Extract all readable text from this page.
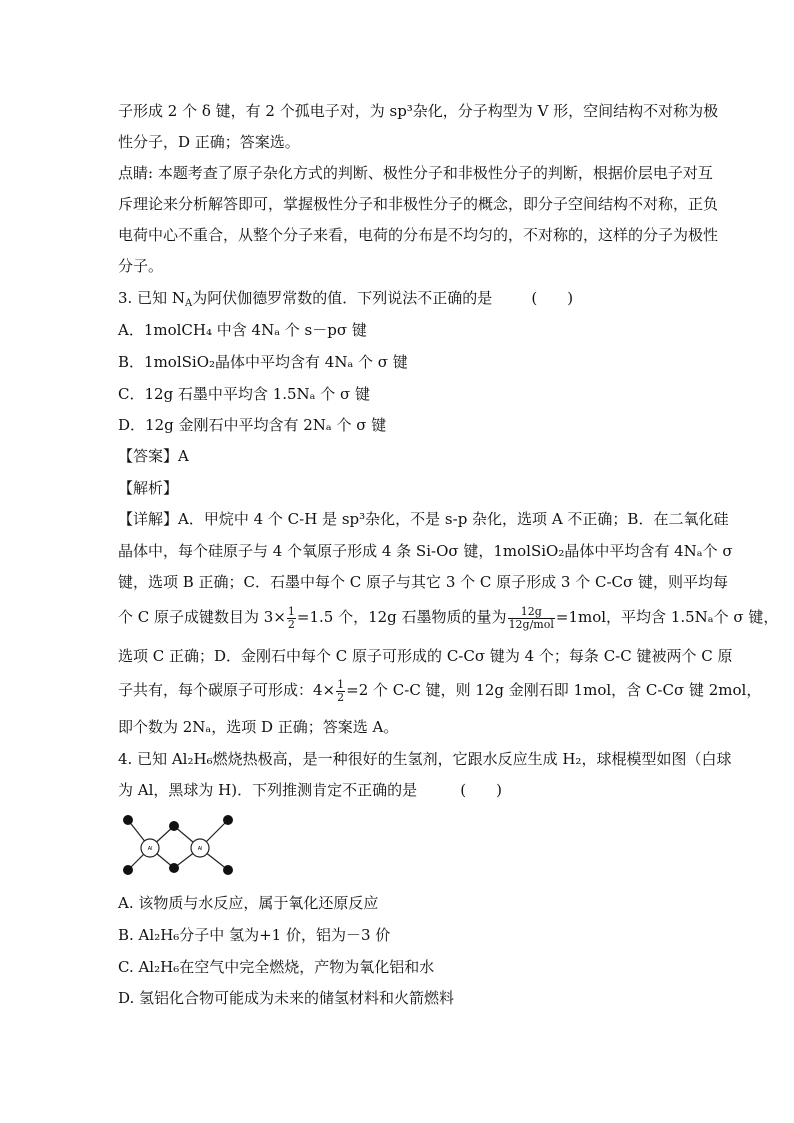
子形成 2 个 δ 键，有 2 个孤电子对，为 sp³杂化，分子构型为 V 形，空间结构不对称为极
性分子，D 正确；答案选。
点睛: 本题考查了原子杂化方式的判断、极性分子和非极性分子的判断，根据价层电子对互
斥理论来分析解答即可，掌握极性分子和非极性分子的概念，即分子空间结构不对称，正负
电荷中心不重合，从整个分子来看，电荷的分布是不均匀的，不对称的，这样的分子为极性
分子。
3. 已知 $N_A$为阿伏伽德罗常数的值．下列说法不正确的是	(　　)
A．1molCH₄ 中含 4Nₐ 个 s－pσ 键
B．1molSiO₂晶体中平均含有 4Nₐ 个 σ 键
C．12g 石墨中平均含 1.5Nₐ 个 σ 键
D．12g 金刚石中平均含有 2Nₐ 个 σ 键
【答案】A
【解析】
【详解】A．甲烷中 4 个 C-H 是 sp³杂化，不是 s-p 杂化，选项 A 不正确；B．在二氧化硅
晶体中，每个硅原子与 4 个氧原子形成 4 条 Si-Oσ 键，1molSiO₂晶体中平均含有 4Nₐ个 σ
键，选项 B 正确；C．石墨中每个 C 原子与其它 3 个 C 原子形成 3 个 C-Cσ 键，则平均每
个 C 原子成键数目为 $3\times \frac{1}{2} =1.5$ 个，12g 石墨物质的量为 $\frac{12g}{\text{12g/mol}} =1mol$，平均含 1.5Nₐ个 σ 键，
选项 C 正确；D．金刚石中每个 C 原子可形成的 C-Cσ 键为 4 个；每条 C-C 键被两个 C 原
子共有，每个碳原子可形成：$4\times \frac{1}{2} =2$ 个 C-C 键，则 12g 金刚石即 1mol，含 C-Cσ 键 2mol，
即个数为 2Nₐ，选项 D 正确；答案选 A。
4. 已知 Al₂H₆燃烧热极高，是一种很好的生氢剂，它跟水反应生成 H₂，球棍模型如图（白球
为 Al，黑球为 H)．下列推测肯定不正确的是	(　　)
Al	Al
A. 该物质与水反应，属于氧化还原反应
B. Al₂H₆分子中 氢为+1 价，铝为－3 价
C. Al₂H₆在空气中完全燃烧，产物为氧化铝和水
D. 氢铝化合物可能成为未来的储氢材料和火箭燃料
